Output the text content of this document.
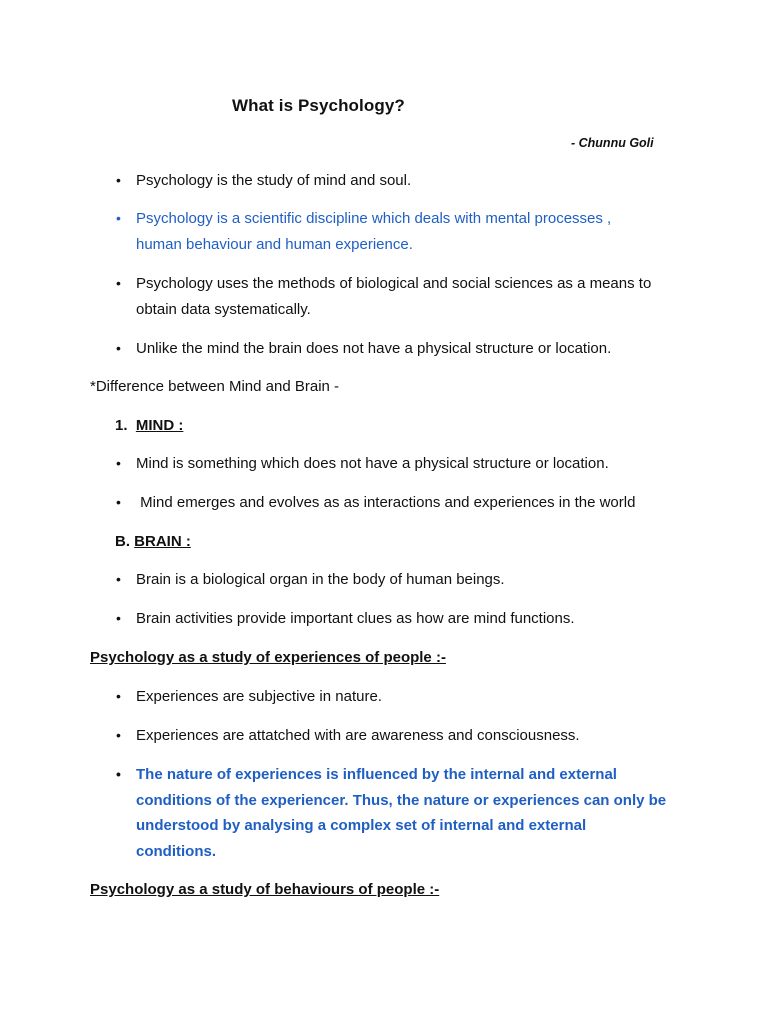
What is Psychology?
- Chunnu Goli
• Psychology is the study of mind and soul.
• Psychology is a scientific discipline which deals with mental processes ,
human behaviour and human experience.
• Psychology uses the methods of biological and social sciences as a means to
obtain data systematically.
• Unlike the mind the brain does not have a physical structure or location.
*Difference between Mind and Brain -
1. MIND :
• Mind is something which does not have a physical structure or location.
• Mind emerges and evolves as as interactions and experiences in the world
B. BRAIN :
• Brain is a biological organ in the body of human beings.
• Brain activities provide important clues as how are mind functions.
Psychology as a study of experiences of people :-
• Experiences are subjective in nature.
• Experiences are attatched with are awareness and consciousness.
• The nature of experiences is influenced by the internal and external
conditions of the experiencer. Thus, the nature or experiences can only be
understood by analysing a complex set of internal and external
conditions.
Psychology as a study of behaviours of people :-
